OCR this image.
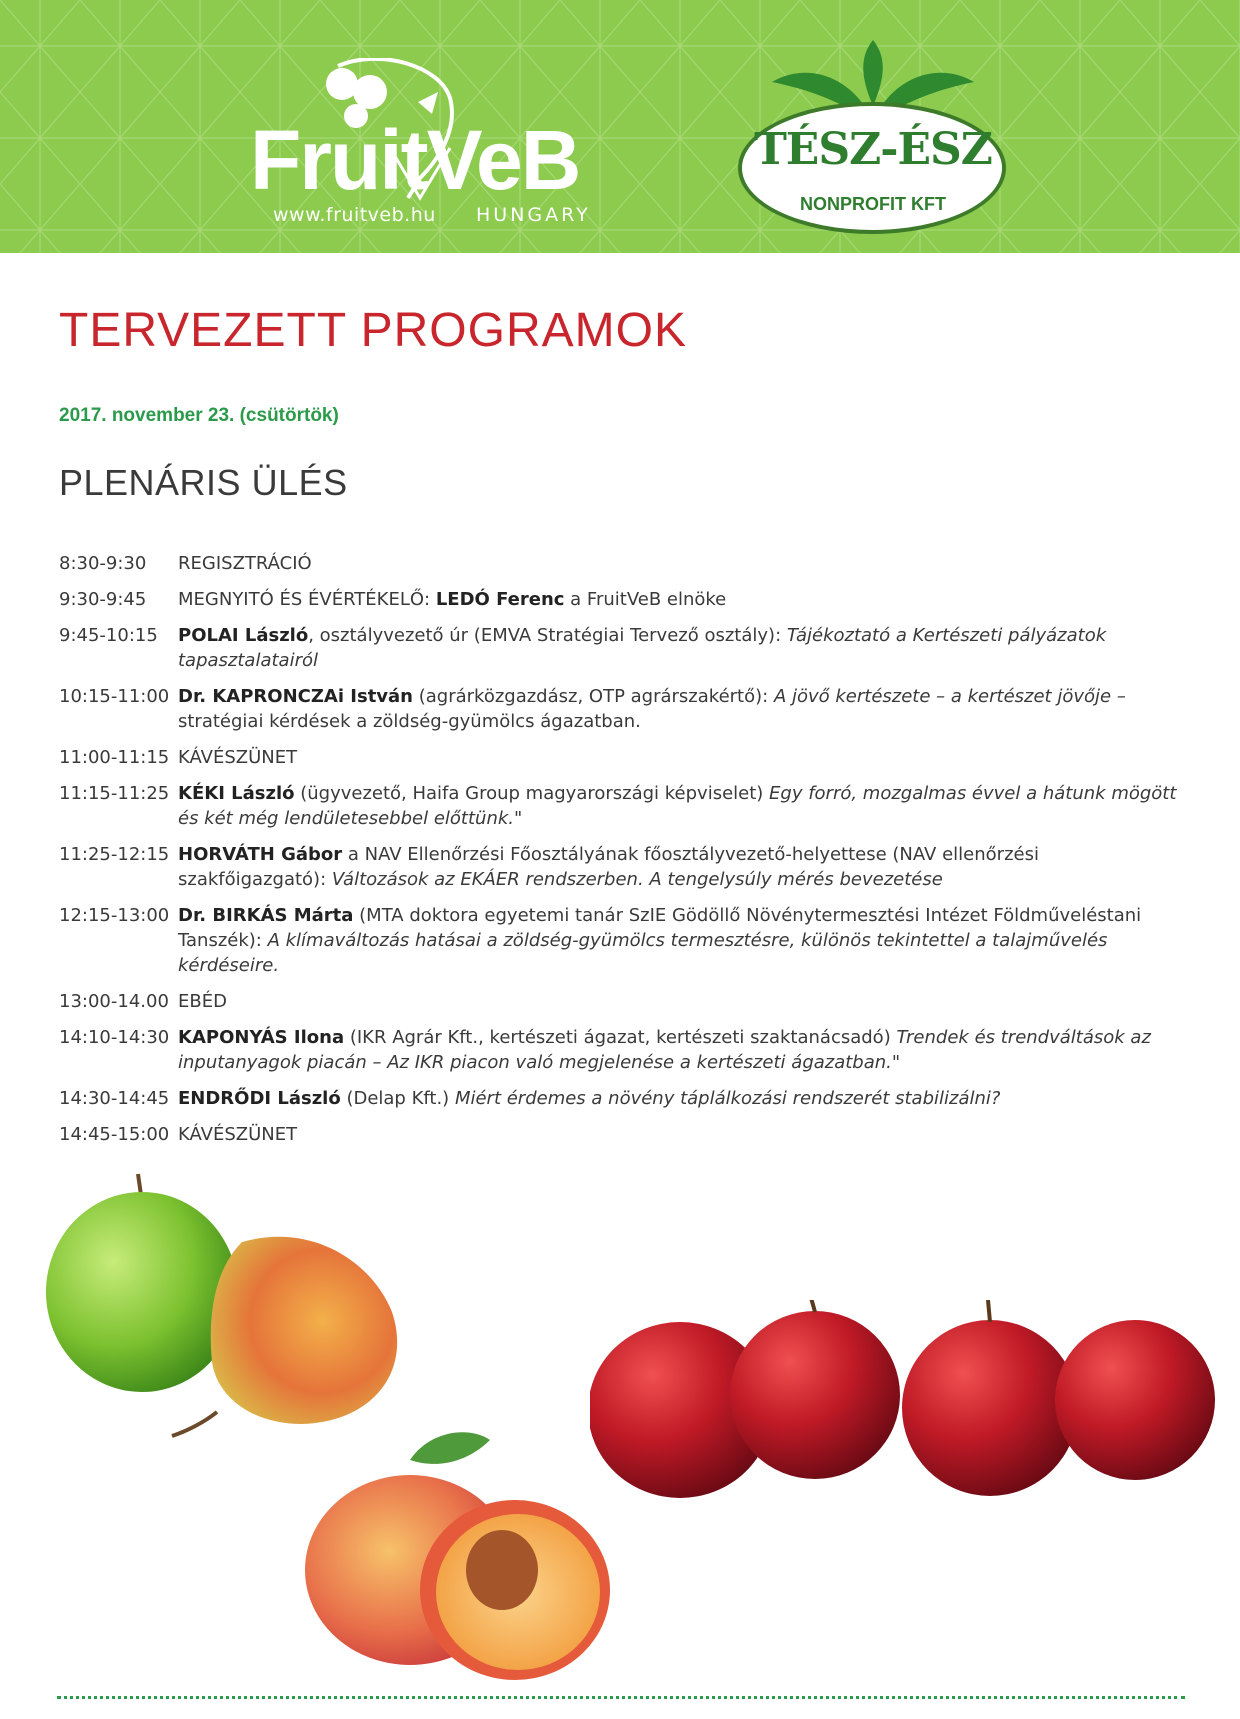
FruitVeB
www.fruitveb.hu HUNGARY
TÉSZ-ÉSZ
NONPROFIT KFT
TERVEZETT PROGRAMOK
2017. november 23. (csütörtök)
PLENÁRIS ÜLÉS
8:30-9:30	REGISZTRÁCIÓ
9:30-9:45	MEGNYITÓ ÉS ÉVÉRTÉKELŐ: LEDÓ Ferenc a FruitVeB elnöke
9:45-10:15	POLAI László, osztályvezető úr (EMVA Stratégiai Tervező osztály): Tájékoztató a Kertészeti pályázatok tapasztalatairól
10:15-11:00 Dr. KAPRONCZAi István (agrárközgazdász, OTP agrárszakértő): A jövő kertészete – a kertészet jövője – stratégiai kérdések a zöldség-gyümölcs ágazatban.
11:00-11:15 KÁVÉSZÜNET
11:15-11:25 KÉKI László (ügyvezető, Haifa Group magyarországi képviselet) Egy forró, mozgalmas évvel a hátunk mögött és két még lendületesebbel előttünk."
11:25-12:15 HORVÁTH Gábor a NAV Ellenőrzési Főosztályának főosztályvezető-helyettese (NAV ellenőrzési szakfőigazgató): Változások az EKÁER rendszerben. A tengelysúly mérés bevezetése
12:15-13:00 Dr. BIRKÁS Márta (MTA doktora egyetemi tanár SzIE Gödöllő Növénytermesztési Intézet Földműveléstani Tanszék): A klímaváltozás hatásai a zöldség-gyümölcs termesztésre, különös tekintettel a talajművelés kérdéseire.
13:00-14.00 EBÉD
14:10-14:30 KAPONYÁS Ilona (IKR Agrár Kft., kertészeti ágazat, kertészeti szaktanácsadó) Trendek és trendváltások az inputanyagok piacán – Az IKR piacon való megjelenése a kertészeti ágazatban."
14:30-14:45 ENDRŐDI László (Delap Kft.) Miért érdemes a növény táplálkozási rendszerét stabilizálni?
14:45-15:00 KÁVÉSZÜNET
